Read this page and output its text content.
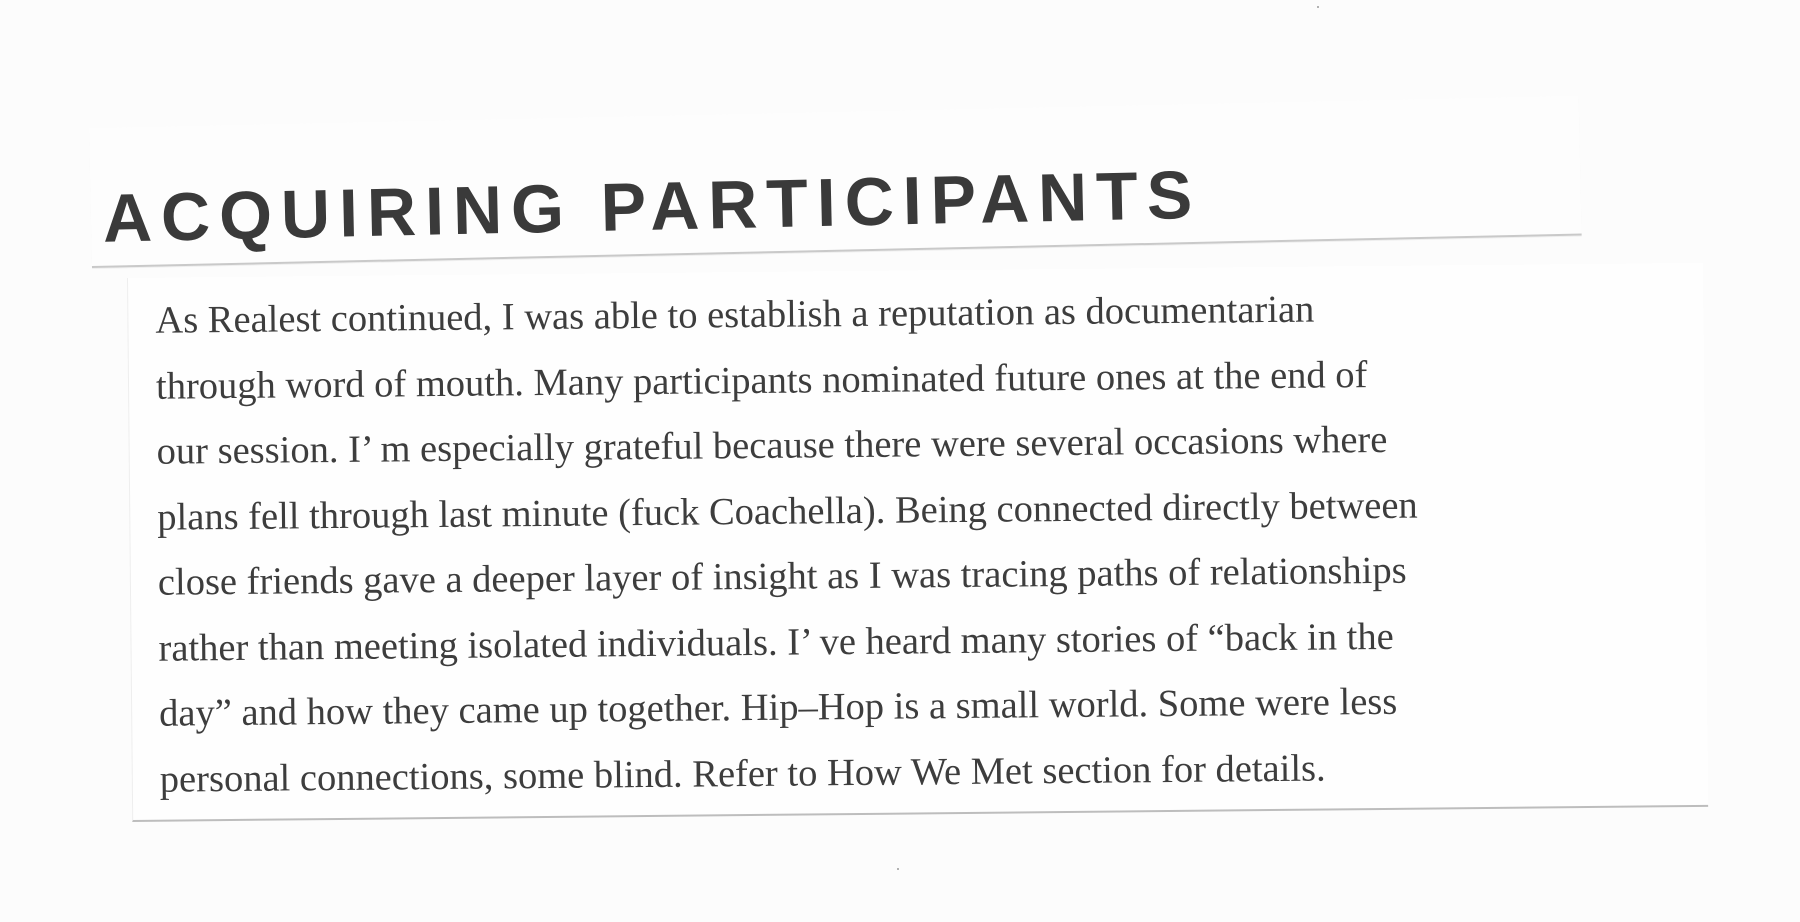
ACQUIRING PARTICIPANTS

As Realest continued, I was able to establish a reputation as documentarian
through word of mouth. Many participants nominated future ones at the end of
our session. I’ m especially grateful because there were several occasions where
plans fell through last minute (fuck Coachella). Being connected directly between
close friends gave a deeper layer of insight as I was tracing paths of relationships
rather than meeting isolated individuals. I’ ve heard many stories of “back in the
day” and how they came up together. Hip–Hop is a small world. Some were less
personal connections, some blind. Refer to How We Met section for details.
